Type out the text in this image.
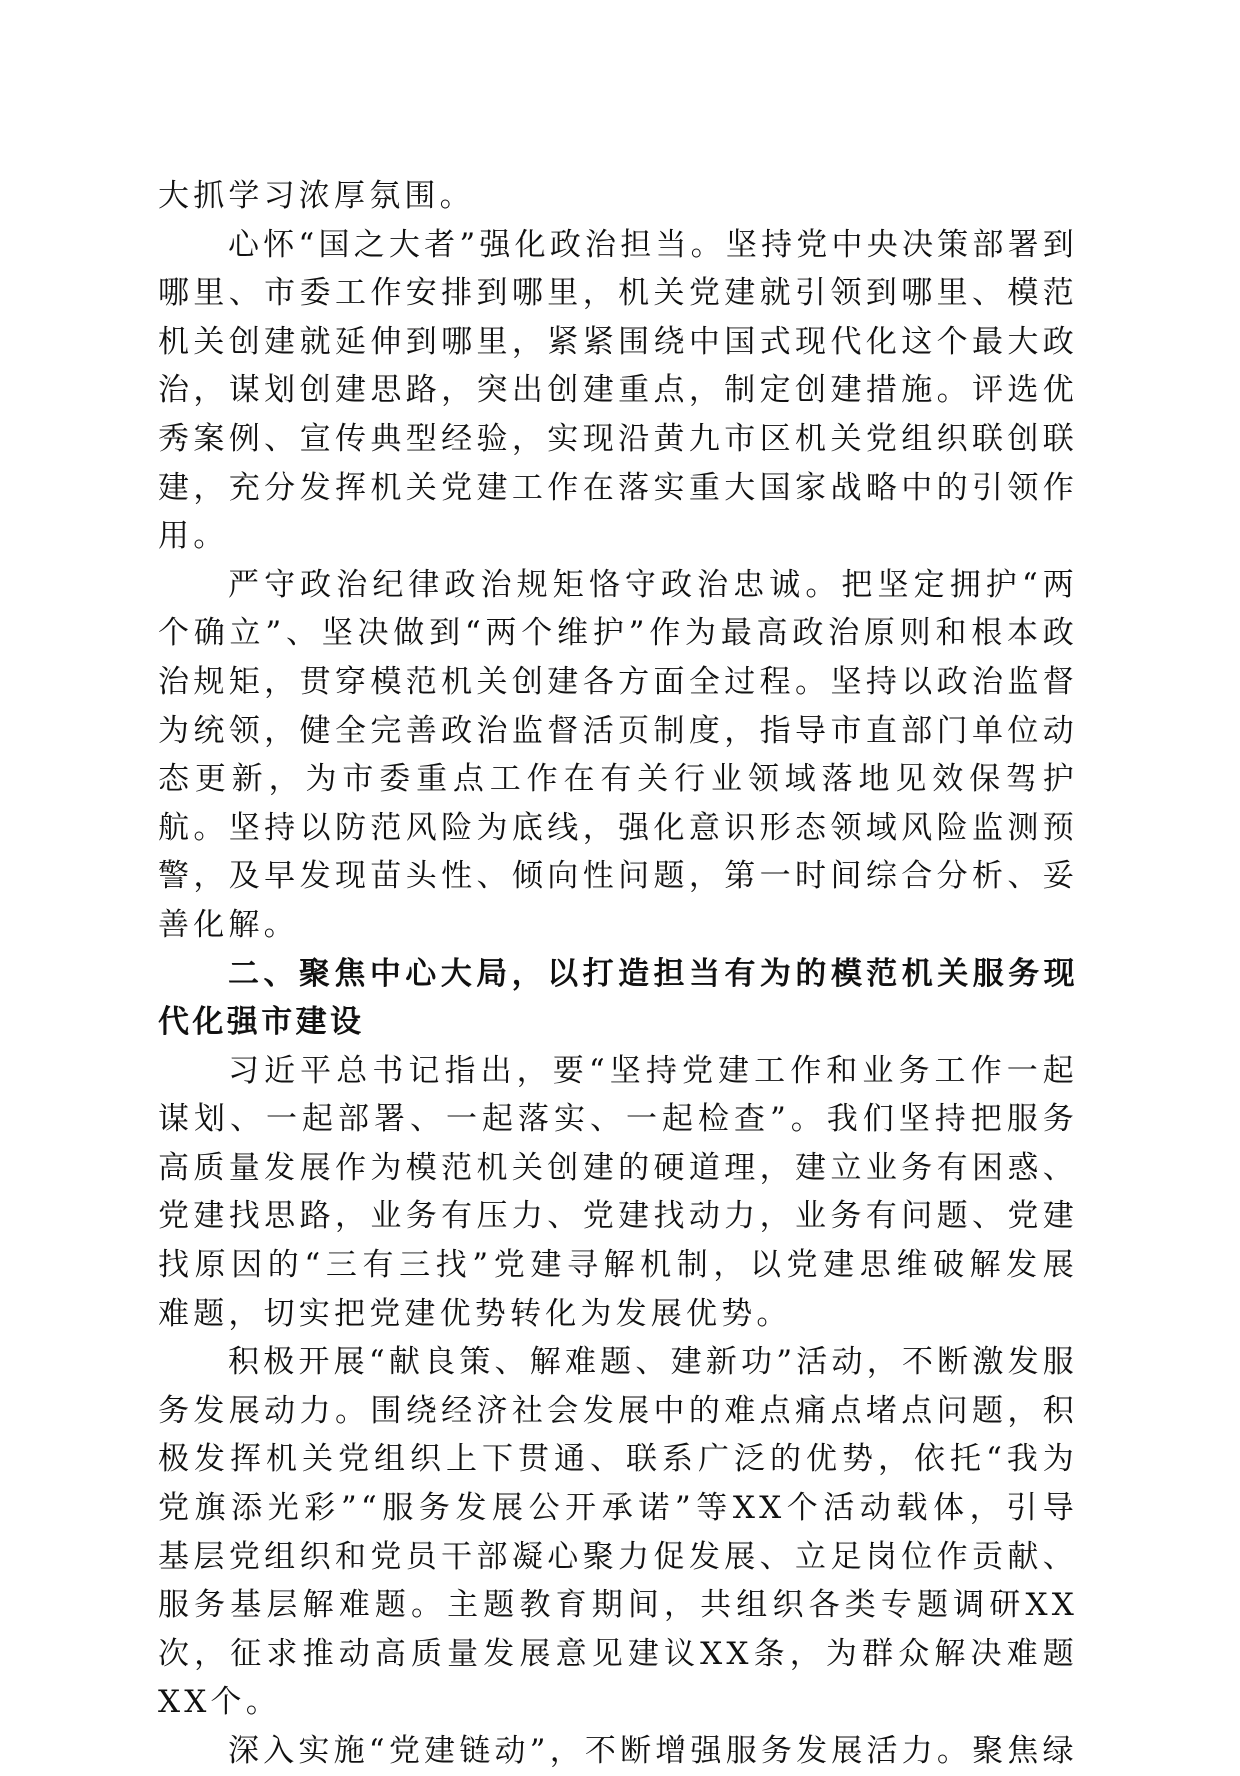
大抓学习浓厚氛围。

心怀“国之大者”强化政治担当。坚持党中央决策部署到哪里、市委工作安排到哪里，机关党建就引领到哪里、模范机关创建就延伸到哪里，紧紧围绕中国式现代化这个最大政治，谋划创建思路，突出创建重点，制定创建措施。评选优秀案例、宣传典型经验，实现沿黄九市区机关党组织联创联建，充分发挥机关党建工作在落实重大国家战略中的引领作用。

严守政治纪律政治规矩恪守政治忠诚。把坚定拥护“两个确立”、坚决做到“两个维护”作为最高政治原则和根本政治规矩，贯穿模范机关创建各方面全过程。坚持以政治监督为统领，健全完善政治监督活页制度，指导市直部门单位动态更新，为市委重点工作在有关行业领域落地见效保驾护航。坚持以防范风险为底线，强化意识形态领域风险监测预警，及早发现苗头性、倾向性问题，第一时间综合分析、妥善化解。

二、聚焦中心大局，以打造担当有为的模范机关服务现代化强市建设

习近平总书记指出，要“坚持党建工作和业务工作一起谋划、一起部署、一起落实、一起检查”。我们坚持把服务高质量发展作为模范机关创建的硬道理，建立业务有困惑、党建找思路，业务有压力、党建找动力，业务有问题、党建找原因的“三有三找”党建寻解机制，以党建思维破解发展难题，切实把党建优势转化为发展优势。

积极开展“献良策、解难题、建新功”活动，不断激发服务发展动力。围绕经济社会发展中的难点痛点堵点问题，积极发挥机关党组织上下贯通、联系广泛的优势，依托“我为党旗添光彩”“服务发展公开承诺”等XX个活动载体，引导基层党组织和党员干部凝心聚力促发展、立足岗位作贡献、服务基层解难题。主题教育期间，共组织各类专题调研XX次，征求推动高质量发展意见建议XX条，为群众解决难题XX个。

深入实施“党建链动”，不断增强服务发展活力。聚焦绿
